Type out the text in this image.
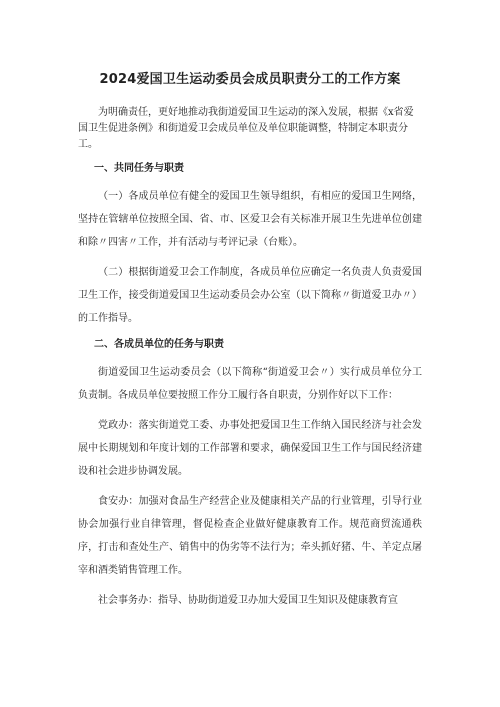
2024爱国卫生运动委员会成员职责分工的工作方案

为明确责任，更好地推动我街道爱国卫生运动的深入发展，根据《x省爱国卫生促进条例》和街道爱卫会成员单位及单位职能调整，特制定本职责分工。

一、共同任务与职责

（一）各成员单位有健全的爱国卫生领导组织，有相应的爱国卫生网络，坚持在管辖单位按照全国、省、市、区爱卫会有关标准开展卫生先进单位创建和除〃四害〃工作，并有活动与考评记录（台账）。

（二）根据街道爱卫会工作制度，各成员单位应确定一名负责人负责爱国卫生工作，接受街道爱国卫生运动委员会办公室（以下简称〃街道爱卫办〃）的工作指导。

二、各成员单位的任务与职责

街道爱国卫生运动委员会（以下简称“街道爱卫会〃）实行成员单位分工负责制。各成员单位要按照工作分工履行各自职责，分别作好以下工作：

党政办：落实街道党工委、办事处把爱国卫生工作纳入国民经济与社会发展中长期规划和年度计划的工作部署和要求，确保爱国卫生工作与国民经济建设和社会进步协调发展。

食安办：加强对食品生产经营企业及健康相关产品的行业管理，引导行业协会加强行业自律管理，督促检查企业做好健康教育工作。规范商贸流通秩序，打击和查处生产、销售中的伪劣等不法行为；牵头抓好猪、牛、羊定点屠宰和酒类销售管理工作。

社会事务办：指导、协助街道爱卫办加大爱国卫生知识及健康教育宣
